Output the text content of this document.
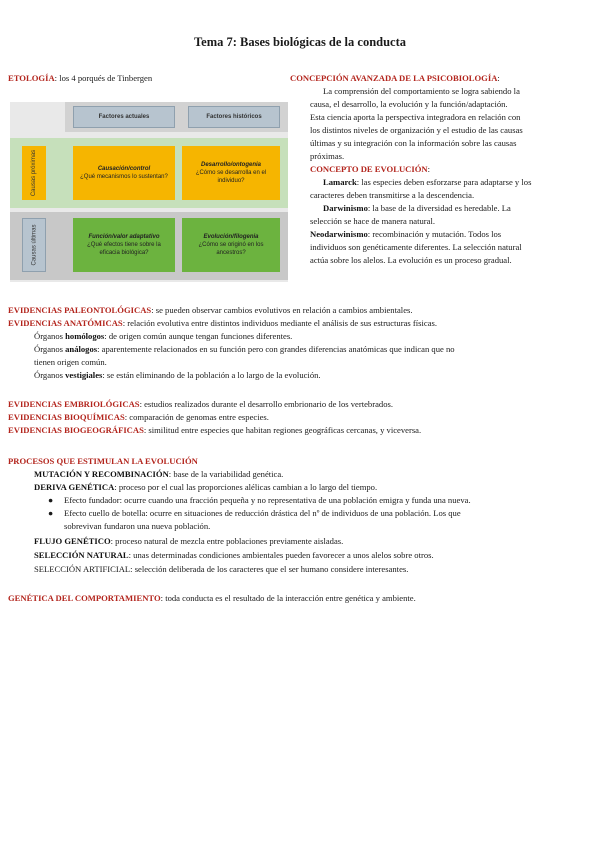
Tema 7: Bases biológicas de la conducta
ETOLOGÍA: los 4 porqués de Tinbergen
Factores actuales	Factores históricos
Causas próximas
Causas últimas
Causación/control
¿Qué mecanismos lo sustentan?
Desarrollo/ontogenia
¿Cómo se desarrolla en el individuo?
Función/valor adaptativo
¿Qué efectos tiene sobre la eficacia biológica?
Evolución/filogenia
¿Cómo se originó en los ancestros?
CONCEPCIÓN AVANZADA DE LA PSICOBIOLOGÍA:
La comprensión del comportamiento se logra sabiendo la
causa, el desarrollo, la evolución y la función/adaptación.
Esta ciencia aporta la perspectiva integradora en relación con
los distintos niveles de organización y el estudio de las causas
últimas y su integración con la información sobre las causas
próximas.
CONCEPTO DE EVOLUCIÓN:
Lamarck: las especies deben esforzarse para adaptarse y los
caracteres deben transmitirse a la descendencia.
Darwinismo: la base de la diversidad es heredable. La
selección se hace de manera natural.
Neodarwinismo: recombinación y mutación. Todos los
individuos son genéticamente diferentes. La selección natural
actúa sobre los alelos. La evolución es un proceso gradual.
EVIDENCIAS PALEONTOLÓGICAS: se pueden observar cambios evolutivos en relación a cambios ambientales.
EVIDENCIAS ANATÓMICAS: relación evolutiva entre distintos individuos mediante el análisis de sus estructuras físicas.
Órganos homólogos: de origen común aunque tengan funciones diferentes.
Órganos análogos: aparentemente relacionados en su función pero con grandes diferencias anatómicas que indican que no
tienen origen común.
Órganos vestigiales: se están eliminando de la población a lo largo de la evolución.
EVIDENCIAS EMBRIOLÓGICAS: estudios realizados durante el desarrollo embrionario de los vertebrados.
EVIDENCIAS BIOQUÍMICAS: comparación de genomas entre especies.
EVIDENCIAS BIOGEOGRÁFICAS: similitud entre especies que habitan regiones geográficas cercanas, y viceversa.
PROCESOS QUE ESTIMULAN LA EVOLUCIÓN
MUTACIÓN Y RECOMBINACIÓN: base de la variabilidad genética.
DERIVA GENÉTICA: proceso por el cual las proporciones alélicas cambian a lo largo del tiempo.
● Efecto fundador: ocurre cuando una fracción pequeña y no representativa de una población emigra y funda una nueva.
● Efecto cuello de botella: ocurre en situaciones de reducción drástica del nº de individuos de una población. Los que
sobrevivan fundaron una nueva población.
FLUJO GENÉTICO: proceso natural de mezcla entre poblaciones previamente aisladas.
SELECCIÓN NATURAL: unas determinadas condiciones ambientales pueden favorecer a unos alelos sobre otros.
SELECCIÓN ARTIFICIAL: selección deliberada de los caracteres que el ser humano considere interesantes.
GENÉTICA DEL COMPORTAMIENTO: toda conducta es el resultado de la interacción entre genética y ambiente.
